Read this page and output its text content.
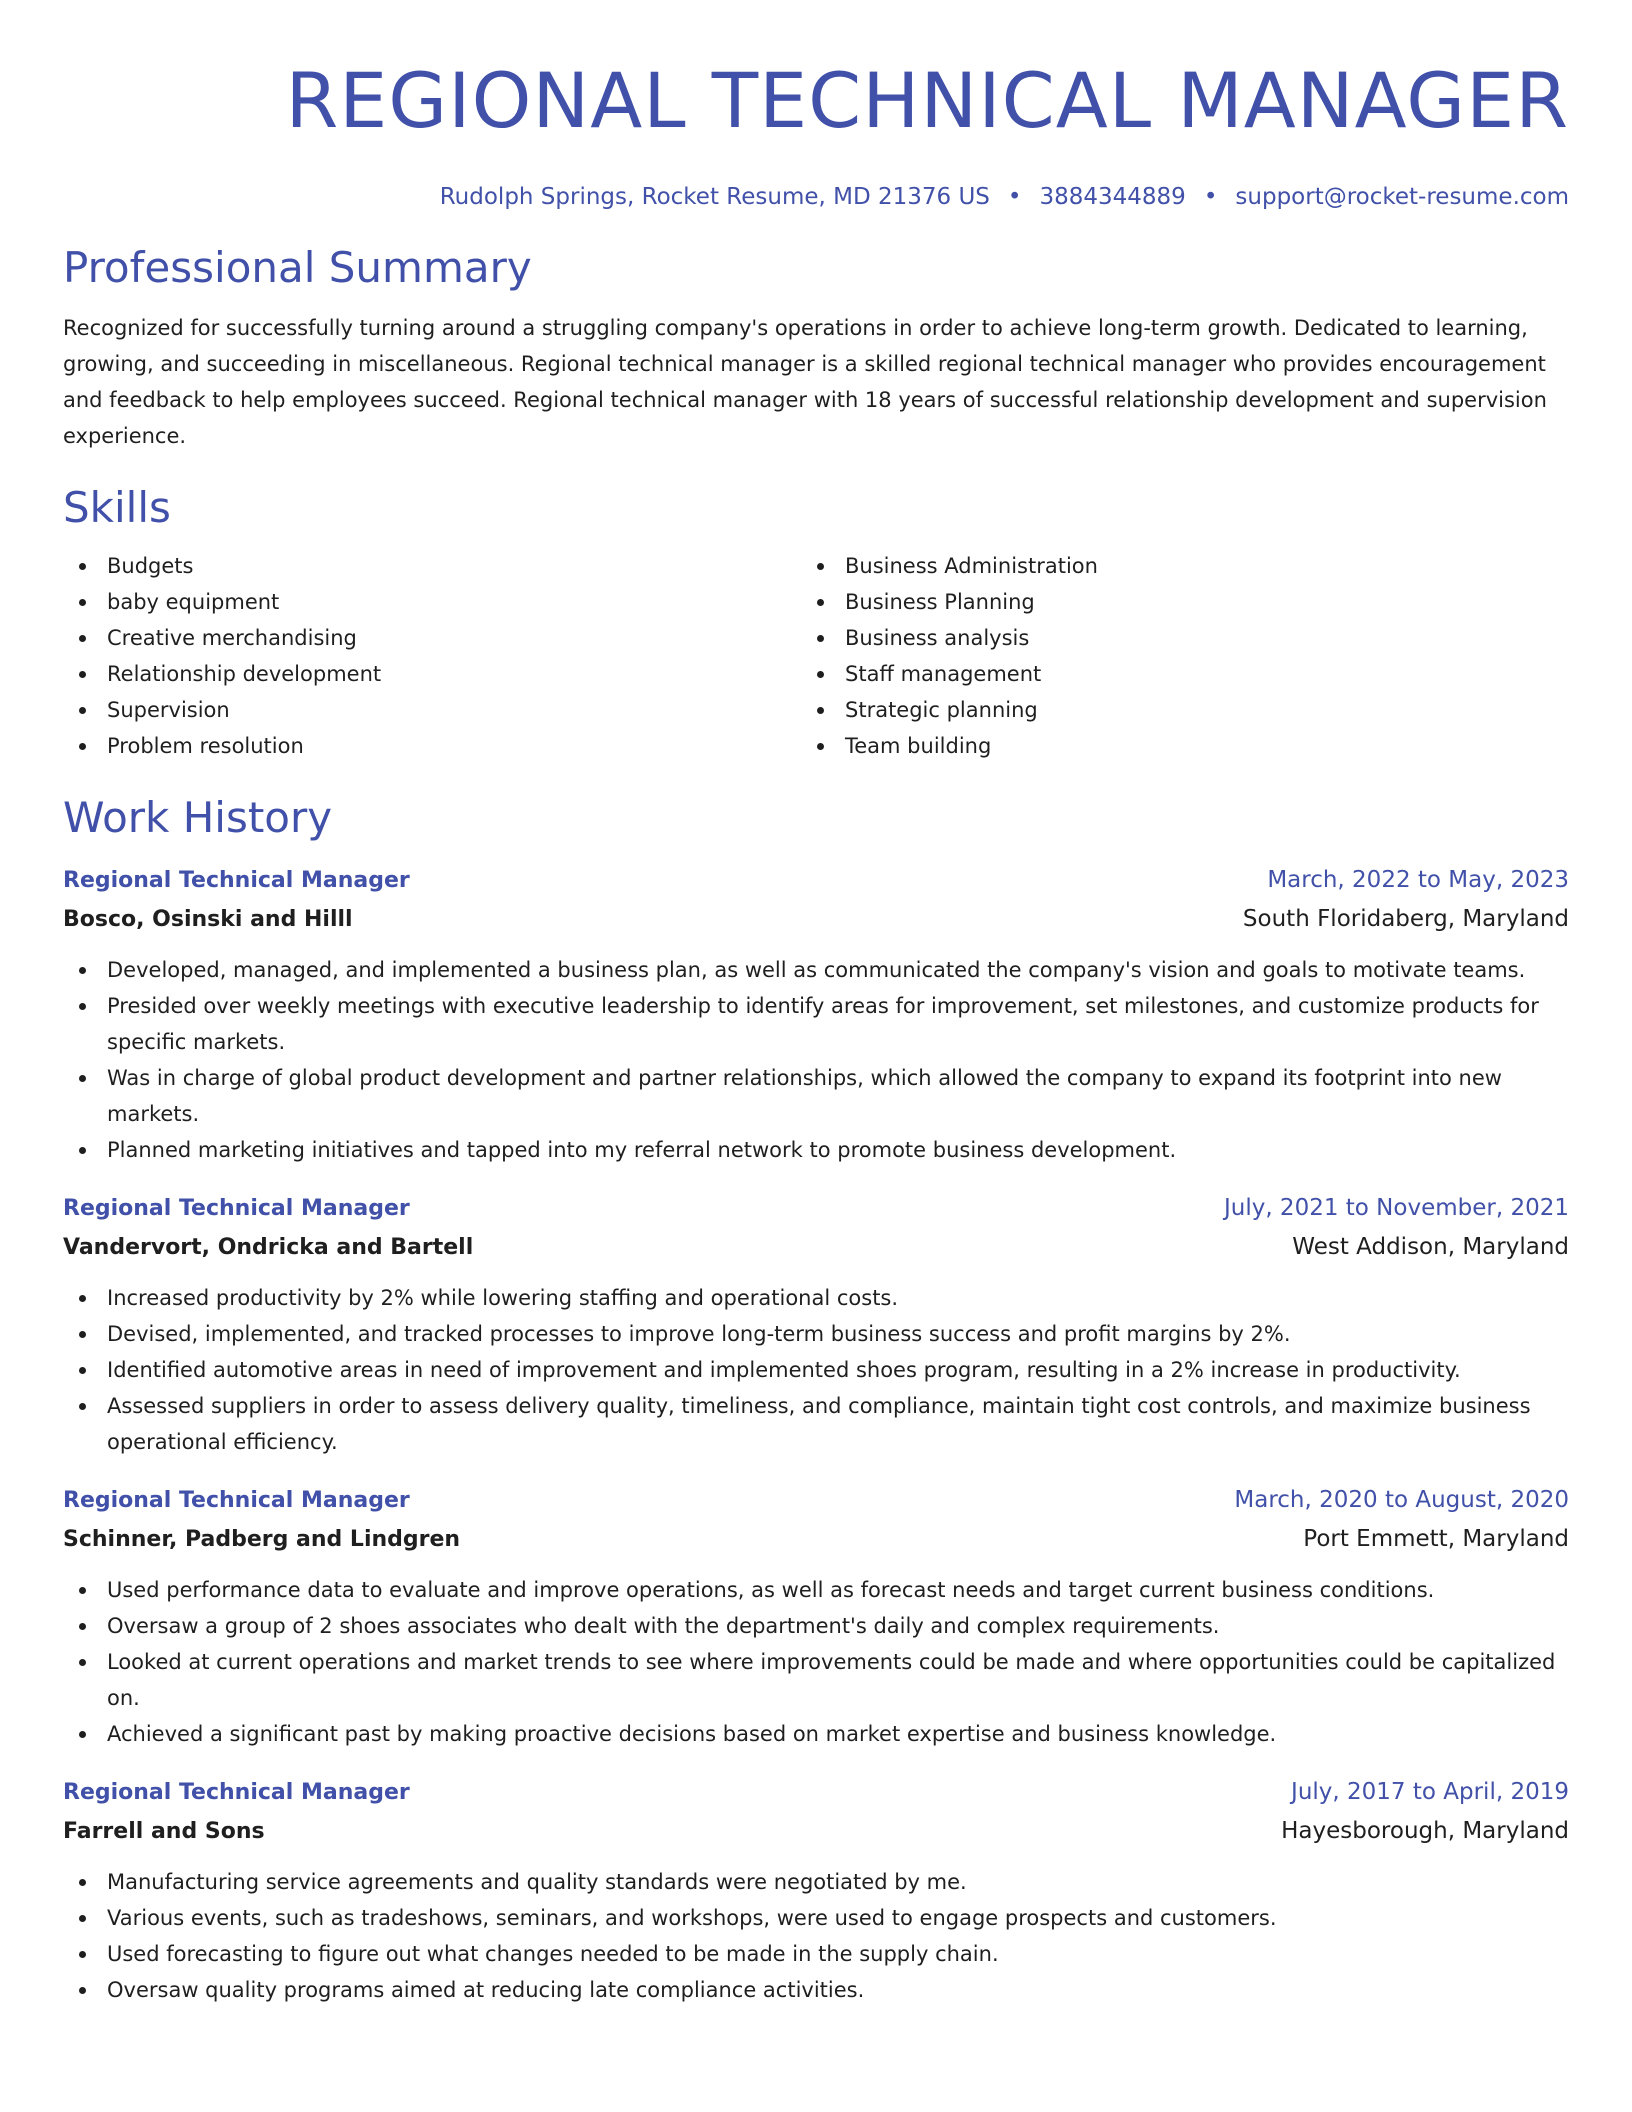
REGIONAL TECHNICAL MANAGER
Rudolph Springs, Rocket Resume, MD 21376 US • 3884344889 • support@rocket-resume.com
Professional Summary

Recognized for successfully turning around a struggling company's operations in order to achieve long-term growth. Dedicated to learning, growing, and succeeding in miscellaneous. Regional technical manager is a skilled regional technical manager who provides encouragement and feedback to help employees succeed. Regional technical manager with 18 years of successful relationship development and supervision experience.

Skills
Budgets
baby equipment
Creative merchandising
Relationship development
Supervision
Problem resolution
Business Administration
Business Planning
Business analysis
Staff management
Strategic planning
Team building
Work History
Regional Technical Manager	March, 2022 to May, 2023
Bosco, Osinski and Hilll	South Floridaberg, Maryland
Developed, managed, and implemented a business plan, as well as communicated the company's vision and goals to motivate teams.
Presided over weekly meetings with executive leadership to identify areas for improvement, set milestones, and customize products for specific markets.
Was in charge of global product development and partner relationships, which allowed the company to expand its footprint into new markets.
Planned marketing initiatives and tapped into my referral network to promote business development.
Regional Technical Manager	July, 2021 to November, 2021
Vandervort, Ondricka and Bartell	West Addison, Maryland
Increased productivity by 2% while lowering staffing and operational costs.
Devised, implemented, and tracked processes to improve long-term business success and profit margins by 2%.
Identified automotive areas in need of improvement and implemented shoes program, resulting in a 2% increase in productivity.
Assessed suppliers in order to assess delivery quality, timeliness, and compliance, maintain tight cost controls, and maximize business operational efficiency.
Regional Technical Manager	March, 2020 to August, 2020
Schinner, Padberg and Lindgren	Port Emmett, Maryland
Used performance data to evaluate and improve operations, as well as forecast needs and target current business conditions.
Oversaw a group of 2 shoes associates who dealt with the department's daily and complex requirements.
Looked at current operations and market trends to see where improvements could be made and where opportunities could be capitalized on.
Achieved a significant past by making proactive decisions based on market expertise and business knowledge.
Regional Technical Manager	July, 2017 to April, 2019
Farrell and Sons	Hayesborough, Maryland
Manufacturing service agreements and quality standards were negotiated by me.
Various events, such as tradeshows, seminars, and workshops, were used to engage prospects and customers.
Used forecasting to figure out what changes needed to be made in the supply chain.
Oversaw quality programs aimed at reducing late compliance activities.
